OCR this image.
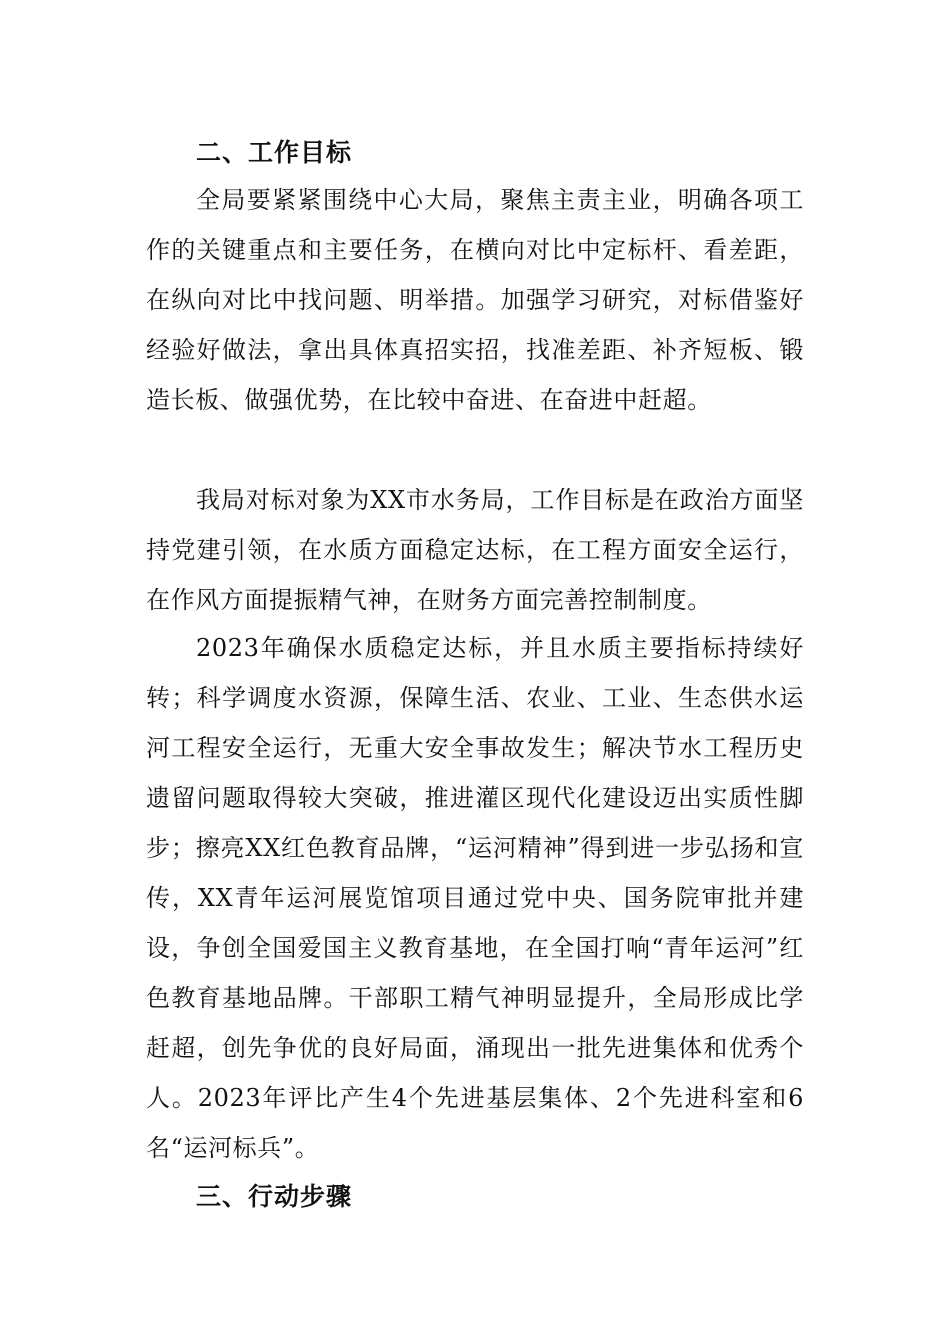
二、工作目标
全局要紧紧围绕中心大局，聚焦主责主业，明确各项工作的关键重点和主要任务，在横向对比中定标杆、看差距，在纵向对比中找问题、明举措。加强学习研究，对标借鉴好经验好做法，拿出具体真招实招，找准差距、补齐短板、锻造长板、做强优势，在比较中奋进、在奋进中赶超。
我局对标对象为XX市水务局，工作目标是在政治方面坚持党建引领，在水质方面稳定达标，在工程方面安全运行，在作风方面提振精气神，在财务方面完善控制制度。
2023年确保水质稳定达标，并且水质主要指标持续好转；科学调度水资源，保障生活、农业、工业、生态供水运河工程安全运行，无重大安全事故发生；解决节水工程历史遗留问题取得较大突破，推进灌区现代化建设迈出实质性脚步；擦亮XX红色教育品牌，“运河精神”得到进一步弘扬和宣传，XX青年运河展览馆项目通过党中央、国务院审批并建设，争创全国爱国主义教育基地，在全国打响“青年运河”红色教育基地品牌。干部职工精气神明显提升，全局形成比学赶超，创先争优的良好局面，涌现出一批先进集体和优秀个人。2023年评比产生4个先进基层集体、2个先进科室和6名“运河标兵”。
三、行动步骤
